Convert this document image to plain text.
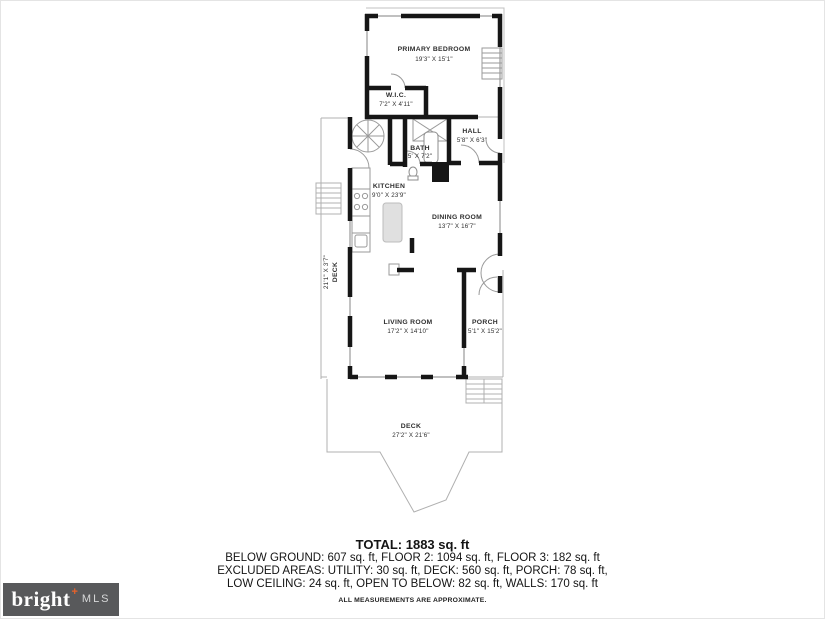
PRIMARY BEDROOM
19'3" X 15'1"
W.I.C.
7'2" X 4'11"
BATH
5' X 7'2"
HALL
5'8" X 6'3"
KITCHEN
9'0" X 23'9"
DINING ROOM
13'7" X 16'7"
LIVING ROOM
17'2" X 14'10"
PORCH
5'1" X 15'2"
DECK
27'2" X 21'6"
DECK
21'1" X 3'7"
TOTAL: 1883 sq. ft
BELOW GROUND: 607 sq. ft, FLOOR 2: 1094 sq. ft, FLOOR 3: 182 sq. ft
EXCLUDED AREAS: UTILITY: 30 sq. ft, DECK: 560 sq. ft, PORCH: 78 sq. ft,
LOW CEILING: 24 sq. ft, OPEN TO BELOW: 82 sq. ft, WALLS: 170 sq. ft
ALL MEASUREMENTS ARE APPROXIMATE.
bright +
MLS
